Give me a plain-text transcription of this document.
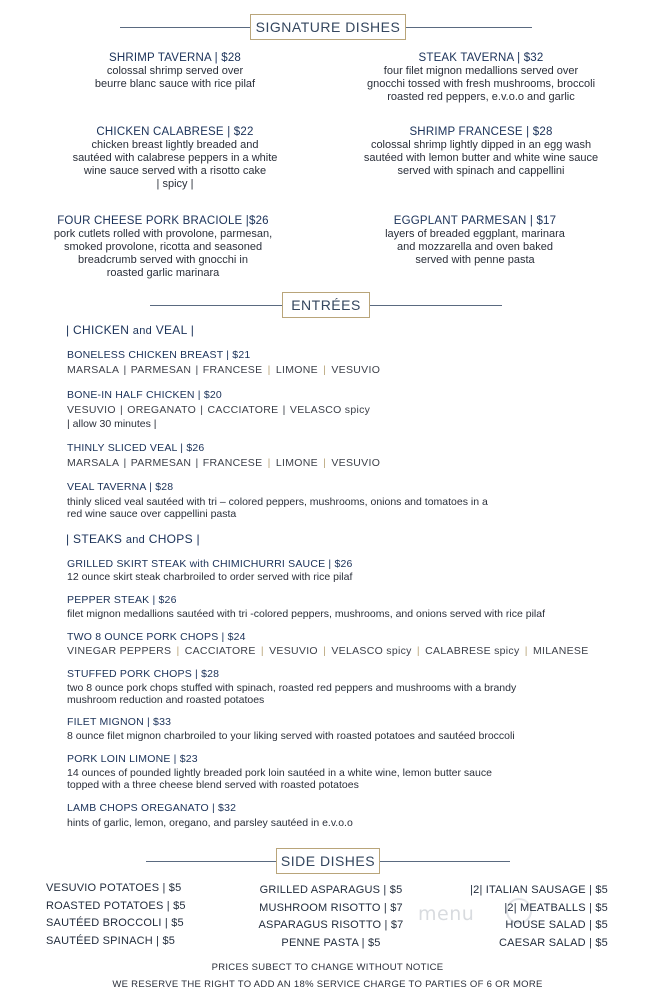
SIGNATURE DISHES
SHRIMP TAVERNA | $28
colossal shrimp served over
beurre blanc sauce with rice pilaf
STEAK TAVERNA | $32
four filet mignon medallions served over
gnocchi tossed with fresh mushrooms, broccoli
roasted red peppers, e.v.o.o and garlic
CHICKEN CALABRESE | $22
chicken breast lightly breaded and
sautéed with calabrese peppers in a white
wine sauce served with a risotto cake
| spicy |
SHRIMP FRANCESE | $28
colossal shrimp lightly dipped in an egg wash
sautéed with lemon butter and white wine sauce
served with spinach and cappellini
FOUR CHEESE PORK BRACIOLE |$26
pork cutlets rolled with provolone, parmesan,
smoked provolone, ricotta and seasoned
breadcrumb served with gnocchi in
roasted garlic marinara
EGGPLANT PARMESAN | $17
layers of breaded eggplant, marinara
and mozzarella and oven baked
served with penne pasta
ENTRÉES
| CHICKEN and VEAL |
BONELESS CHICKEN BREAST | $21
MARSALA | PARMESAN | FRANCESE | LIMONE | VESUVIO
BONE-IN HALF CHICKEN | $20
VESUVIO | OREGANATO | CACCIATORE | VELASCO spicy
| allow 30 minutes |
THINLY SLICED VEAL | $26
MARSALA | PARMESAN | FRANCESE | LIMONE | VESUVIO
VEAL TAVERNA | $28
thinly sliced veal sautéed with tri – colored peppers, mushrooms, onions and tomatoes in a
red wine sauce over cappellini pasta
| STEAKS and CHOPS |
GRILLED SKIRT STEAK with CHIMICHURRI SAUCE | $26
12 ounce skirt steak charbroiled to order served with rice pilaf
PEPPER STEAK | $26
filet mignon medallions sautéed with tri -colored peppers, mushrooms, and onions served with rice pilaf
TWO 8 OUNCE PORK CHOPS | $24
VINEGAR PEPPERS | CACCIATORE | VESUVIO | VELASCO spicy | CALABRESE spicy | MILANESE
STUFFED PORK CHOPS | $28
two 8 ounce pork chops stuffed with spinach, roasted red peppers and mushrooms with a brandy
mushroom reduction and roasted potatoes
FILET MIGNON | $33
8 ounce filet mignon charbroiled to your liking served with roasted potatoes and sautéed broccoli
PORK LOIN LIMONE | $23
14 ounces of pounded lightly breaded pork loin sautéed in a white wine, lemon butter sauce
topped with a three cheese blend served with roasted potatoes
LAMB CHOPS OREGANATO | $32
hints of garlic, lemon, oregano, and parsley sautéed in e.v.o.o
SIDE DISHES
VESUVIO POTATOES | $5
ROASTED POTATOES | $5
SAUTÉED BROCCOLI | $5
SAUTÉED SPINACH | $5
GRILLED ASPARAGUS | $5
MUSHROOM RISOTTO | $7
ASPARAGUS RISOTTO | $7
PENNE PASTA | $5
menu
|2| ITALIAN SAUSAGE | $5
|2| MEATBALLS | $5
HOUSE SALAD | $5
CAESAR SALAD | $5
PRICES SUBECT TO CHANGE WITHOUT NOTICE
WE RESERVE THE RIGHT TO ADD AN 18% SERVICE CHARGE TO PARTIES OF 6 OR MORE
